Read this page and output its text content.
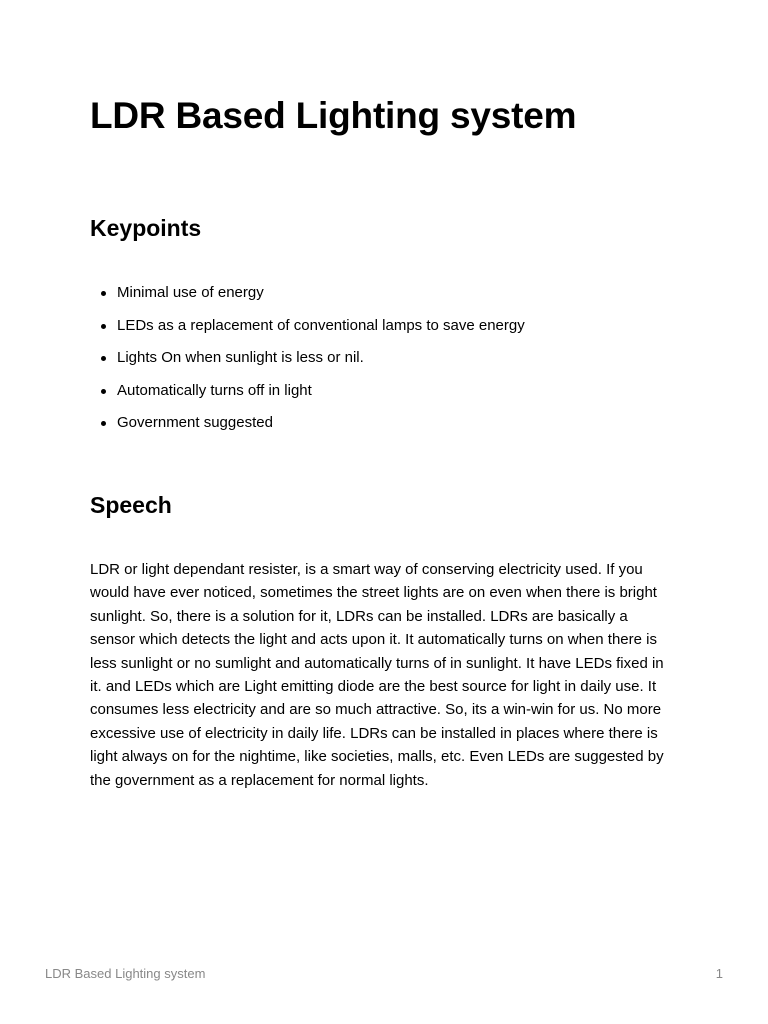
LDR Based Lighting system
Keypoints
Minimal use of energy
LEDs as a replacement of conventional lamps to save energy
Lights On when sunlight is less or nil.
Automatically turns off in light
Government suggested
Speech
LDR or light dependant resister, is a smart way of conserving electricity used. If you
would have ever noticed, sometimes the street lights are on even when there is bright
sunlight. So, there is a solution for it, LDRs can be installed. LDRs are basically a
sensor which detects the light and acts upon it. It automatically turns on when there is
less sunlight or no sumlight and automatically turns of in sunlight. It have LEDs fixed in
it. and LEDs which are Light emitting diode are the best source for light in daily use. It
consumes less electricity and are so much attractive. So, its a win-win for us. No more
excessive use of electricity in daily life. LDRs can be installed in places where there is
light always on for the nightime, like societies, malls, etc. Even LEDs are suggested by
the government as a replacement for normal lights.
LDR Based Lighting system	1
